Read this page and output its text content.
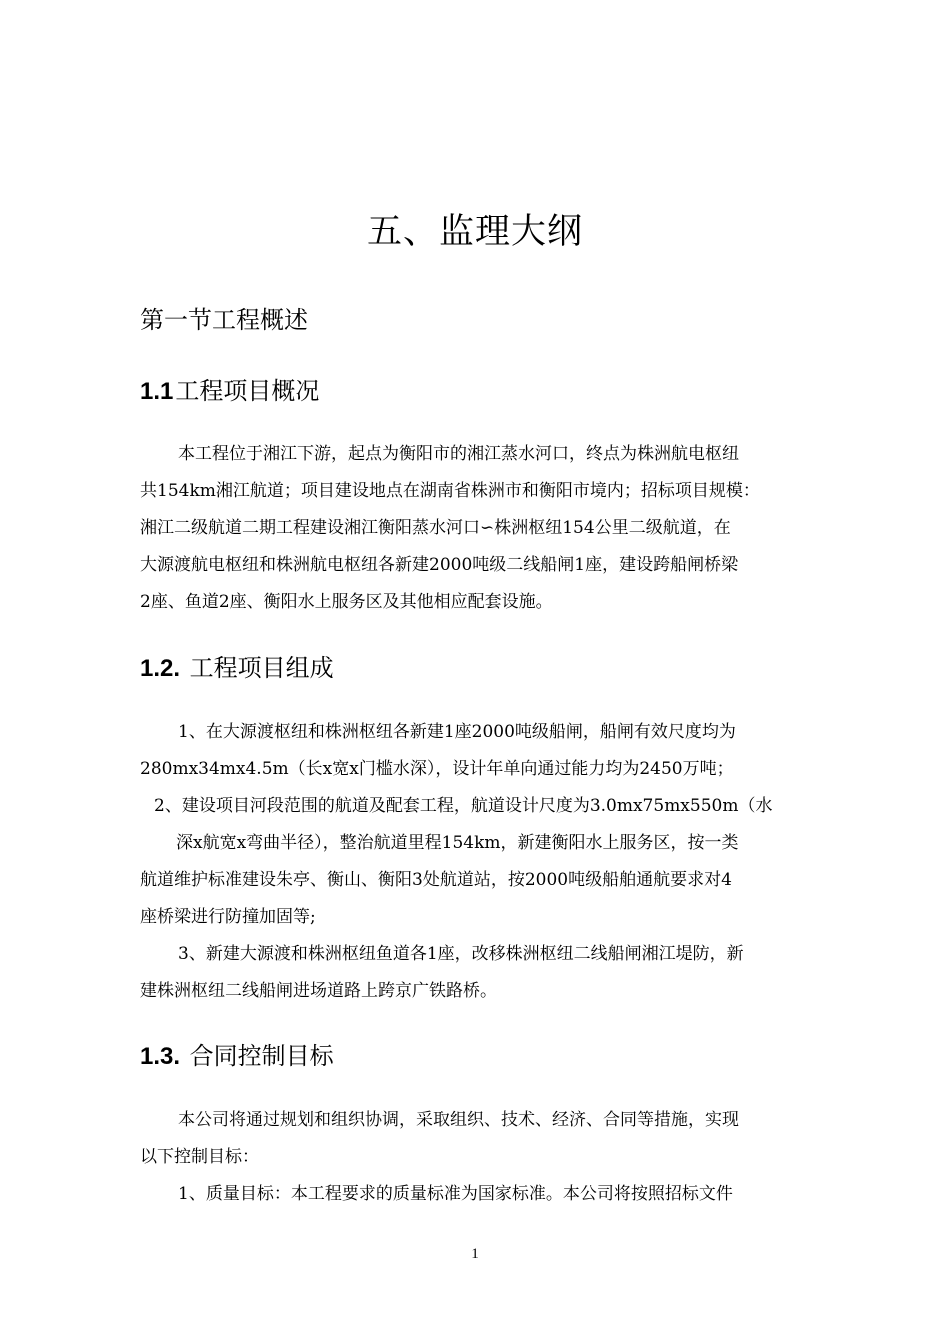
五、监理大纲
第一节工程概述
1.1工程项目概况
本工程位于湘江下游，起点为衡阳市的湘江蒸水河口，终点为株洲航电枢纽
共154km湘江航道；项目建设地点在湖南省株洲市和衡阳市境内；招标项目规模：
湘江二级航道二期工程建设湘江衡阳蒸水河口∽株洲枢纽154公里二级航道，在
大源渡航电枢纽和株洲航电枢纽各新建2000吨级二线船闸1座，建设跨船闸桥梁
2座、鱼道2座、衡阳水上服务区及其他相应配套设施。
1.2. 工程项目组成
1、在大源渡枢纽和株洲枢纽各新建1座2000吨级船闸，船闸有效尺度均为
280mx34mx4.5m（长x宽x门槛水深），设计年单向通过能力均为2450万吨；
2、建设项目河段范围的航道及配套工程，航道设计尺度为3.0mx75mx550m（水
深x航宽x弯曲半径），整治航道里程154km，新建衡阳水上服务区，按一类
航道维护标准建设朱亭、衡山、衡阳3处航道站，按2000吨级船舶通航要求对4
座桥梁进行防撞加固等;
3、新建大源渡和株洲枢纽鱼道各1座，改移株洲枢纽二线船闸湘江堤防，新
建株洲枢纽二线船闸进场道路上跨京广铁路桥。
1.3. 合同控制目标
本公司将通过规划和组织协调，采取组织、技术、经济、合同等措施，实现
以下控制目标：
1、质量目标：本工程要求的质量标准为国家标准。本公司将按照招标文件
1
